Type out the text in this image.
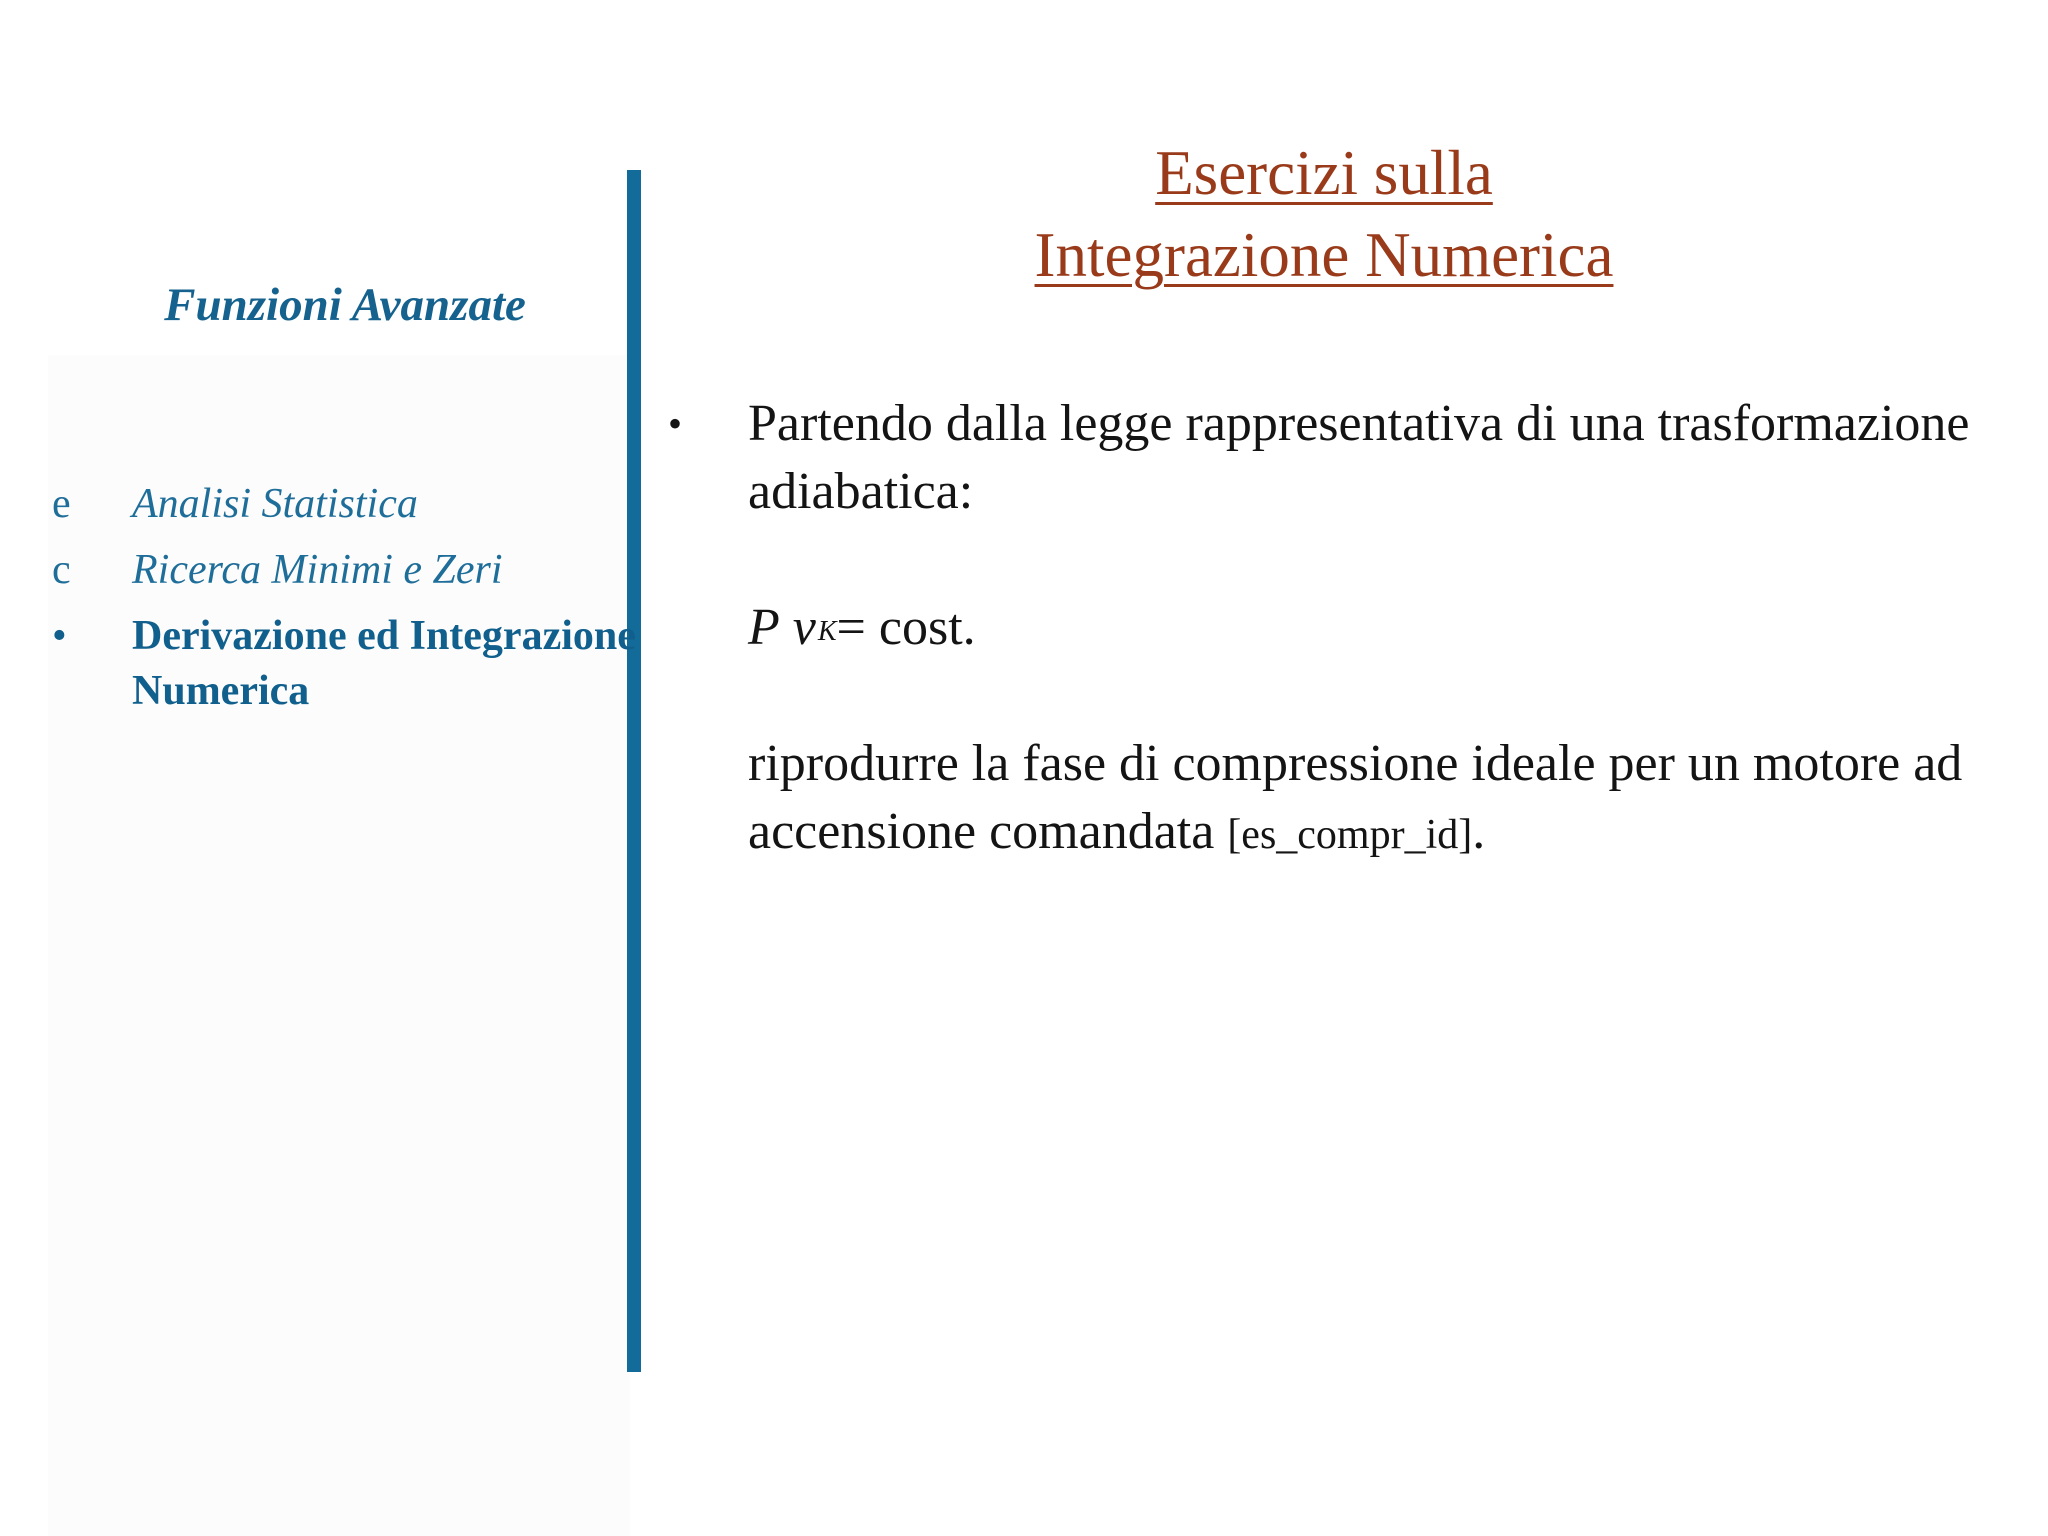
Funzioni Avanzate
e	Analisi Statistica
c	Ricerca Minimi e Zeri
•	Derivazione ed Integrazione Numerica
Esercizi sulla
Integrazione Numerica
•	Partendo dalla legge rappresentativa di una trasformazione adiabatica:

P $v^K= \cos t$.

riprodurre la fase di compressione ideale per un motore ad accensione comandata [es_compr_id].
